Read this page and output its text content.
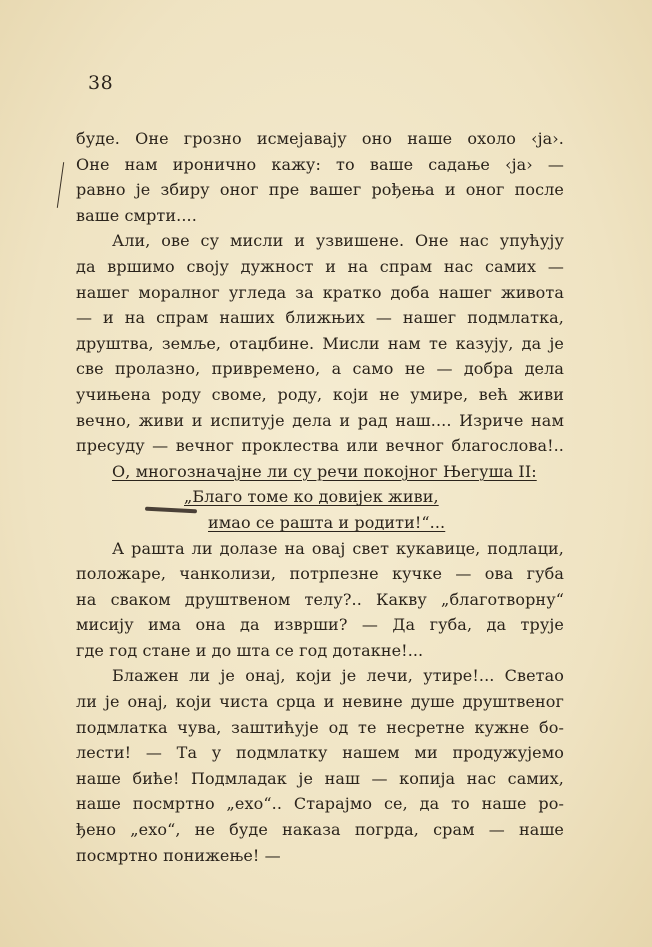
38
буде. Оне грозно исмејавају оно наше охоло ‹ја›.
Оне нам иронично кажу: то ваше садање ‹ја› —
равно је збиру оног пре вашег рођења и оног после
ваше смрти....
Али, ове су мисли и узвишене. Оне нас упућују
да вршимо своју дужност и на спрам нас самих —
нашег моралног угледа за кратко доба нашег живота
— и на спрам наших ближњих — нашег подмлатка,
друштва, земље, отаџбине. Мисли нам те казују, да је
све пролазно, привремено, а само не — добра дела
учињена роду своме, роду, који не умире, већ живи
вечно, живи и испитује дела и рад наш.... Изриче нам
пресуду — вечног проклества или вечног благослова!..
О, многозначајне ли су речи покојног Његуша II:
„Благо томе ко довијек живи,
имао се рашта и родити!“...
А рашта ли долазе на овај свет кукавице, подлаци,
положаре, чанколизи, потрпезне кучке — ова губа
на сваком друштвеном телу?.. Какву „благотворну“
мисију има она да изврши? — Да губа, да трује
где год стане и до шта се год дотакне!...
Блажен ли је онај, који је лечи, утире!... Светао
ли је онај, који чиста срца и невине душе друштвеног
подмлатка чува, заштићује од те несретне кужне бо-
лести! — Та у подмлатку нашем ми продужујемо
наше биће! Подмладак је наш — копија нас самих,
наше посмртно „ехо“.. Старајмо се, да то наше ро-
ђено „ехо“, не буде наказа погрда, срам — наше
посмртно понижење! —
